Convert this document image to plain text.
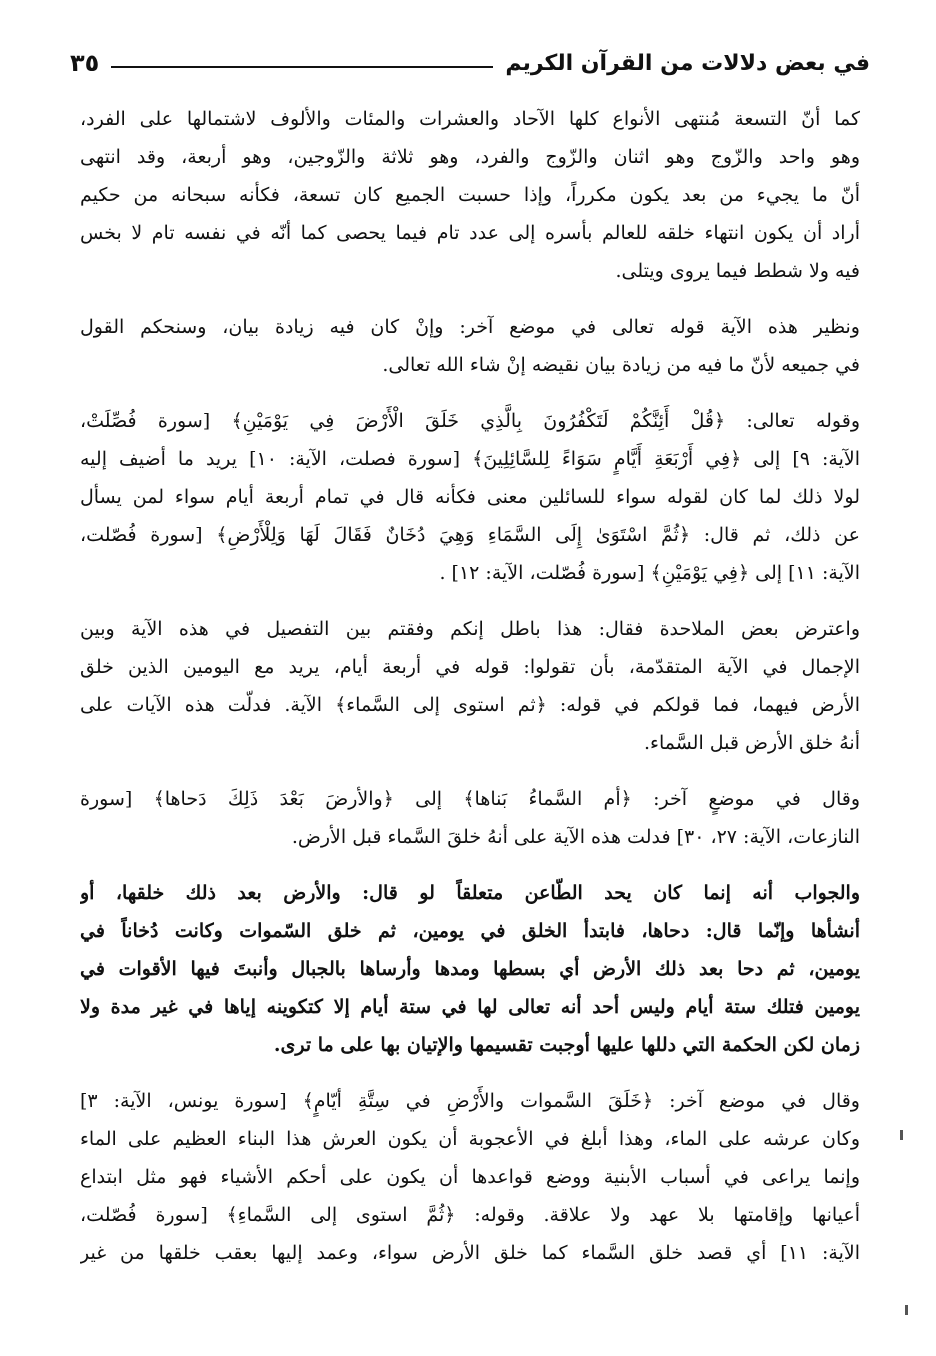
في بعض دلالات من القرآن الكريم
٣٥
كما أنّ التسعة مُنتهى الأنواع كلها الآحاد والعشرات والمئات والألوف لاشتمالها على الفرد،
وهو واحد والزّوج وهو اثنان والزّوج والفرد، وهو ثلاثة والزّوجين، وهو أربعة، وقد انتهى
أنّ ما يجيء من بعد يكون مكرراً، وإذا حسبت الجميع كان تسعة، فكأنه سبحانه من حكيم
أراد أن يكون انتهاء خلقه للعالم بأسره إلى عدد تام فيما يحصى كما أنّه في نفسه تام لا بخس
فيه ولا شطط فيما يروى ويتلى.
ونظير هذه الآية قوله تعالى في موضع آخر: وإنْ كان فيه زيادة بيان، وسنحكم القول
في جميعه لأنّ ما فيه من زيادة بيان نقيضه إنْ شاء الله تعالى.
وقوله تعالى: ﴿قُلْ أَئِنَّكُمْ لَتَكْفُرُونَ بِالَّذِي خَلَقَ الْأَرْضَ فِي يَوْمَيْنِ﴾ [سورة فُصِّلَتْ،
الآية: ٩] إلى ﴿فِي أَرْبَعَةِ أَيَّامٍ سَوَاءً لِلسَّائِلِينَ﴾ [سورة فصلت، الآية: ١٠] يريد ما أضيف إليه
لولا ذلك لما كان لقوله سواء للسائلين معنى فكأنه قال في تمام أربعة أيام سواء لمن يسأل
عن ذلك، ثم قال: ﴿ثُمَّ اسْتَوَىٰ إِلَى السَّمَاءِ وَهِيَ دُخَانٌ فَقَالَ لَهَا وَلِلْأَرْضِ﴾ [سورة فُصّلت،
الآية: ١١] إلى ﴿فِي يَوْمَيْنِ﴾ [سورة فُصّلت، الآية: ١٢] .
واعترض بعض الملاحدة فقال: هذا باطل إنكم وفقتم بين التفصيل في هذه الآية وبين
الإجمال في الآية المتقدّمة، بأن تقولوا: قوله في أربعة أيام، يريد مع اليومين الذين خلق
الأرض فيهما، فما قولكم في قوله: ﴿ثم استوى إلى السَّماء﴾ الآية. فدلّت هذه الآيات على
أنهُ خلق الأرض قبل السَّماء.
وقال في موضعٍ آخر: ﴿أم السَّماءُ بَناها﴾ إلى ﴿والأرضَ بَعْدَ ذَلِكَ دَحاها﴾ [سورة
النازعات، الآية: ٢٧، ٣٠] فدلت هذه الآية على أنهُ خلقَ السَّماء قبل الأرض.
والجواب أنه إنما كان يحد الطّاعن متعلقاً لو قال: والأرض بعد ذلك خلقها، أو
أنشأها وإنّما قال: دحاها، فابتدأ الخلق في يومين، ثم خلق السّموات وكانت دُخاناً في
يومين، ثم دحا بعد ذلك الأرض أي بسطها ومدها وأرساها بالجبال وأنبتَ فيها الأقوات في
يومين فتلك ستة أيام وليس أحد أنه تعالى لها في ستة أيام إلا كتكوينه إياها في غير مدة ولا
زمان لكن الحكمة التي دللها عليها أوجبت تقسيمها والإتيان بها على ما ترى.
وقال في موضع آخر: ﴿خَلَقَ السَّموات والأَرْضِ في سِتَّةِ أيّامٍ﴾ [سورة يونس، الآية: ٣]
وكان عرشه على الماء، وهذا أبلغ في الأعجوبة أن يكون العرش هذا البناء العظيم على الماء
وإنما يراعى في أسباب الأبنية ووضع قواعدها أن يكون على أحكم الأشياء فهو مثل ابتداع
أعيانها وإقامتها بلا عهد ولا علاقة. وقوله: ﴿ثُمَّ استوى إلى السَّماءِ﴾ [سورة فُصّلت،
الآية: ١١] أي قصد خلق السَّماء كما خلق الأرض سواء، وعمد إليها بعقب خلقها من غير
